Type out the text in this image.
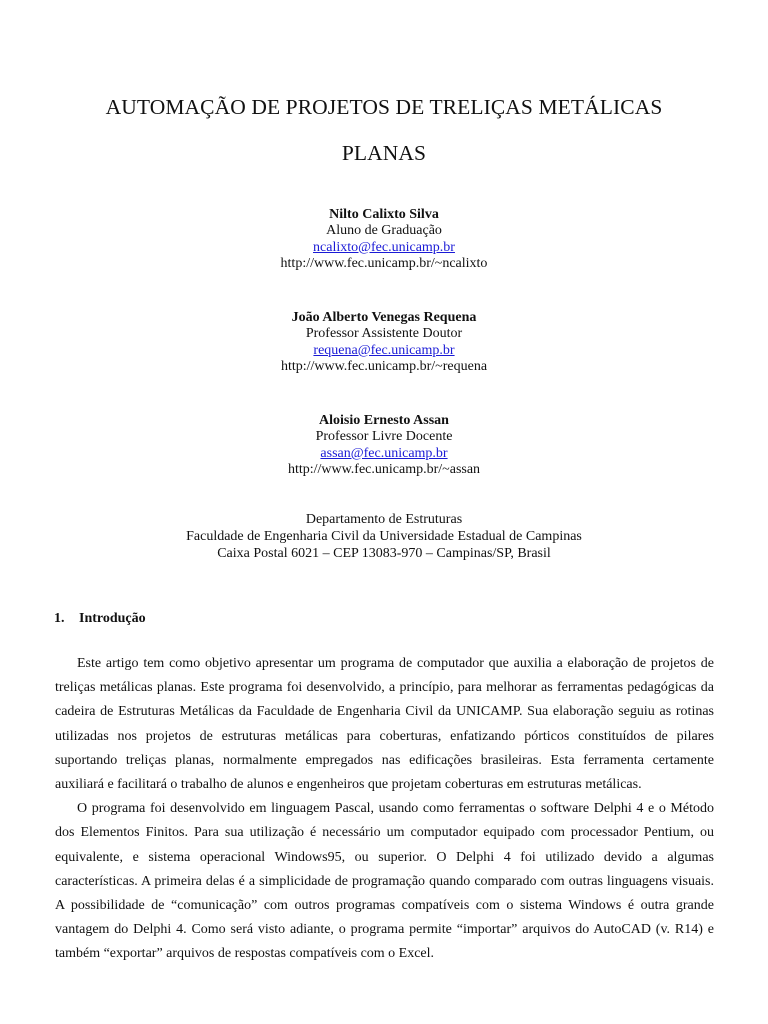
AUTOMAÇÃO DE PROJETOS DE TRELIÇAS METÁLICAS
PLANAS
Nilto Calixto Silva
Aluno de Graduação
ncalixto@fec.unicamp.br
http://www.fec.unicamp.br/~ncalixto
João Alberto Venegas Requena
Professor Assistente Doutor
requena@fec.unicamp.br
http://www.fec.unicamp.br/~requena
Aloisio Ernesto Assan
Professor Livre Docente
assan@fec.unicamp.br
http://www.fec.unicamp.br/~assan
Departamento de Estruturas
Faculdade de Engenharia Civil da Universidade Estadual de Campinas
Caixa Postal 6021 – CEP 13083-970 – Campinas/SP, Brasil
1. Introdução

Este artigo tem como objetivo apresentar um programa de computador que auxilia a elaboração de projetos de treliças metálicas planas. Este programa foi desenvolvido, a princípio, para melhorar as ferramentas pedagógicas da cadeira de Estruturas Metálicas da Faculdade de Engenharia Civil da UNICAMP. Sua elaboração seguiu as rotinas utilizadas nos projetos de estruturas metálicas para coberturas, enfatizando pórticos constituídos de pilares suportando treliças planas, normalmente empregados nas edificações brasileiras. Esta ferramenta certamente auxiliará e facilitará o trabalho de alunos e engenheiros que projetam coberturas em estruturas metálicas.

O programa foi desenvolvido em linguagem Pascal, usando como ferramentas o software Delphi 4 e o Método dos Elementos Finitos. Para sua utilização é necessário um computador equipado com processador Pentium, ou equivalente, e sistema operacional Windows95, ou superior. O Delphi 4 foi utilizado devido a algumas características. A primeira delas é a simplicidade de programação quando comparado com outras linguagens visuais. A possibilidade de “comunicação” com outros programas compatíveis com o sistema Windows é outra grande vantagem do Delphi 4. Como será visto adiante, o programa permite “importar” arquivos do AutoCAD (v. R14) e também “exportar” arquivos de respostas compatíveis com o Excel.
